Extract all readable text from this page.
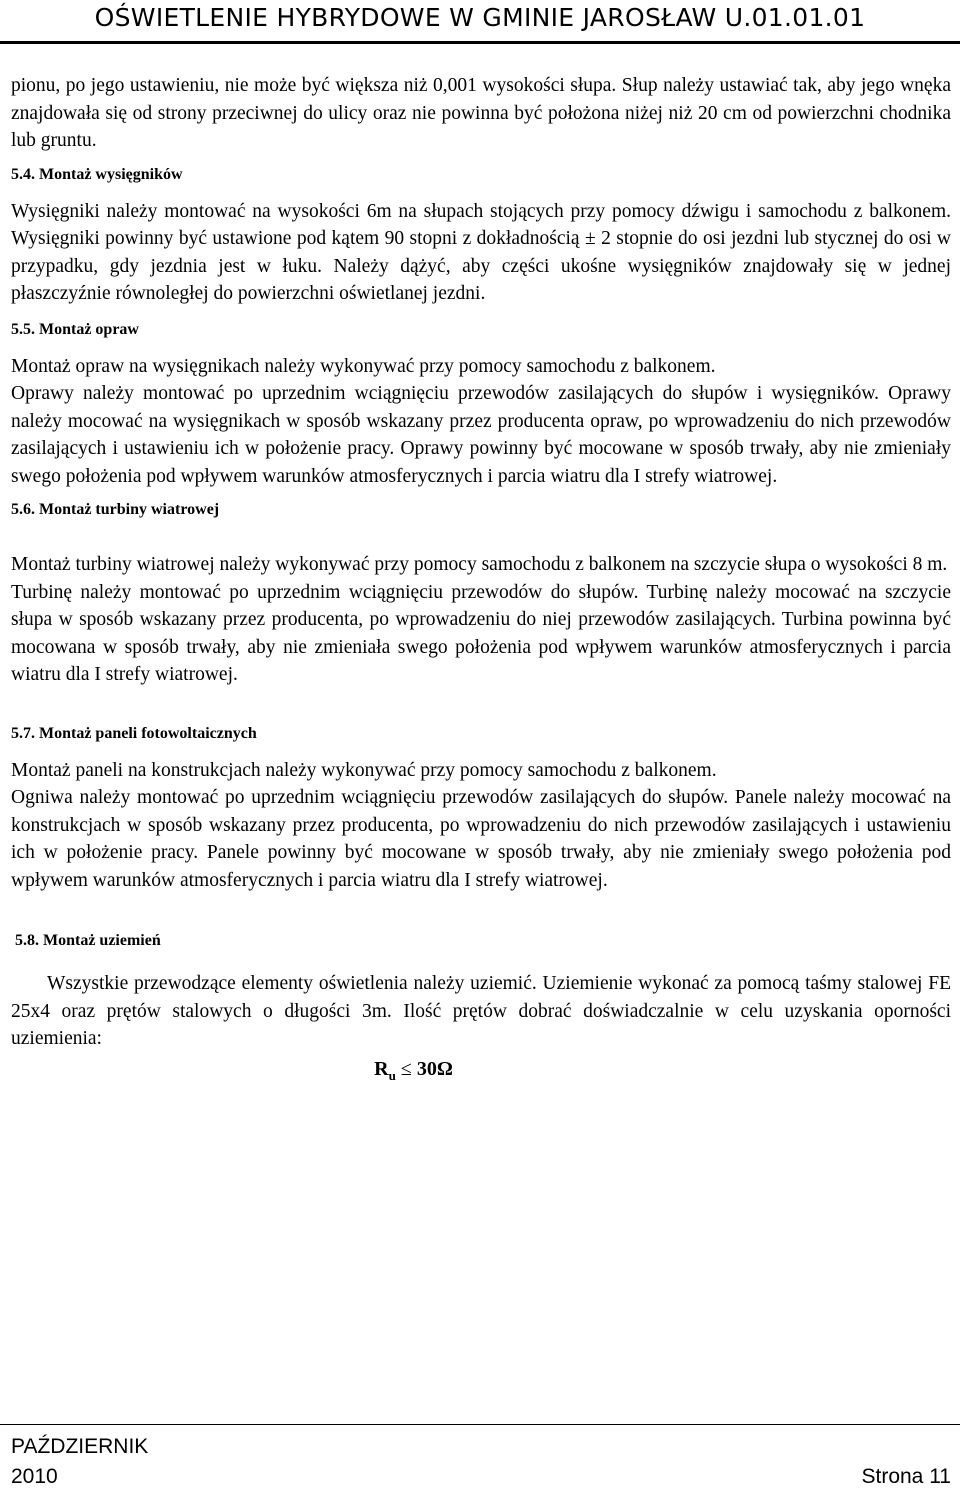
OŚWIETLENIE HYBRYDOWE W GMINIE JAROSŁAW U.01.01.01

pionu, po jego ustawieniu, nie może być większa niż 0,001 wysokości słupa. Słup należy ustawiać tak, aby jego wnęka znajdowała się od strony przeciwnej do ulicy oraz nie powinna być położona niżej niż 20 cm od powierzchni chodnika lub gruntu.

5.4. Montaż wysięgników

Wysięgniki należy montować na wysokości 6m na słupach stojących przy pomocy dźwigu i samochodu z balkonem. Wysięgniki powinny być ustawione pod kątem 90 stopni z dokładnością ± 2 stopnie do osi jezdni lub stycznej do osi w przypadku, gdy jezdnia jest w łuku. Należy dążyć, aby części ukośne wysięgników znajdowały się w jednej płaszczyźnie równoległej do powierzchni oświetlanej jezdni.

5.5. Montaż opraw

Montaż opraw na wysięgnikach należy wykonywać przy pomocy samochodu z balkonem.

Oprawy należy montować po uprzednim wciągnięciu przewodów zasilających do słupów i wysięgników. Oprawy należy mocować na wysięgnikach w sposób wskazany przez producenta opraw, po wprowadzeniu do nich przewodów zasilających i ustawieniu ich w położenie pracy. Oprawy powinny być mocowane w sposób trwały, aby nie zmieniały swego położenia pod wpływem warunków atmosferycznych i parcia wiatru dla I strefy wiatrowej.

5.6. Montaż turbiny wiatrowej

Montaż turbiny wiatrowej należy wykonywać przy pomocy samochodu z balkonem na szczycie słupa o wysokości 8 m.

Turbinę należy montować po uprzednim wciągnięciu przewodów do słupów. Turbinę należy mocować na szczycie słupa w sposób wskazany przez producenta, po wprowadzeniu do niej przewodów zasilających. Turbina powinna być mocowana w sposób trwały, aby nie zmieniała swego położenia pod wpływem warunków atmosferycznych i parcia wiatru dla I strefy wiatrowej.

5.7. Montaż paneli fotowoltaicznych

Montaż paneli na konstrukcjach należy wykonywać przy pomocy samochodu z balkonem.

Ogniwa należy montować po uprzednim wciągnięciu przewodów zasilających do słupów. Panele należy mocować na konstrukcjach w sposób wskazany przez producenta, po wprowadzeniu do nich przewodów zasilających i ustawieniu ich w położenie pracy. Panele powinny być mocowane w sposób trwały, aby nie zmieniały swego położenia pod wpływem warunków atmosferycznych i parcia wiatru dla I strefy wiatrowej.

5.8. Montaż uziemień

Wszystkie przewodzące elementy oświetlenia należy uziemić. Uziemienie wykonać za pomocą taśmy stalowej FE 25x4 oraz prętów stalowych o długości 3m. Ilość prętów dobrać doświadczalnie w celu uzyskania oporności uziemienia:

$R_u \le 30\Omega$
PAŹDZIERNIK
2010	Strona 11
